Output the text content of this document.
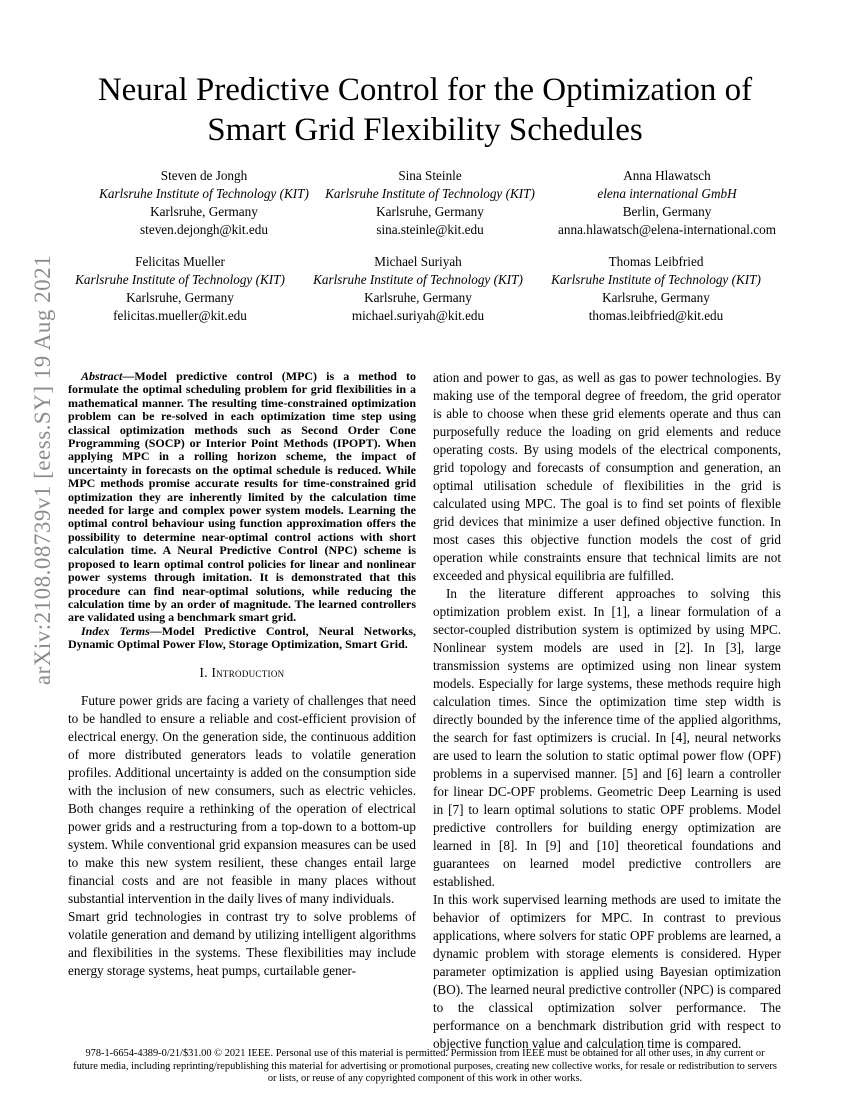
arXiv:2108.08739v1 [eess.SY] 19 Aug 2021
Neural Predictive Control for the Optimization of
Smart Grid Flexibility Schedules
Steven de Jongh
Karlsruhe Institute of Technology (KIT)
Karlsruhe, Germany
steven.dejongh@kit.edu
Sina Steinle
Karlsruhe Institute of Technology (KIT)
Karlsruhe, Germany
sina.steinle@kit.edu
Anna Hlawatsch
elena international GmbH
Berlin, Germany
anna.hlawatsch@elena-international.com
Felicitas Mueller
Karlsruhe Institute of Technology (KIT)
Karlsruhe, Germany
felicitas.mueller@kit.edu
Michael Suriyah
Karlsruhe Institute of Technology (KIT)
Karlsruhe, Germany
michael.suriyah@kit.edu
Thomas Leibfried
Karlsruhe Institute of Technology (KIT)
Karlsruhe, Germany
thomas.leibfried@kit.edu

Abstract—Model predictive control (MPC) is a method to formulate the optimal scheduling problem for grid flexibilities in a mathematical manner. The resulting time-constrained optimization problem can be re-solved in each optimization time step using classical optimization methods such as Second Order Cone Programming (SOCP) or Interior Point Methods (IPOPT). When applying MPC in a rolling horizon scheme, the impact of uncertainty in forecasts on the optimal schedule is reduced. While MPC methods promise accurate results for time-constrained grid optimization they are inherently limited by the calculation time needed for large and complex power system models. Learning the optimal control behaviour using function approximation offers the possibility to determine near-optimal control actions with short calculation time. A Neural Predictive Control (NPC) scheme is proposed to learn optimal control policies for linear and nonlinear power systems through imitation. It is demonstrated that this procedure can find near-optimal solutions, while reducing the calculation time by an order of magnitude. The learned controllers are validated using a benchmark smart grid.

Index Terms—Model Predictive Control, Neural Networks, Dynamic Optimal Power Flow, Storage Optimization, Smart Grid.

I. Introduction

Future power grids are facing a variety of challenges that need to be handled to ensure a reliable and cost-efficient provision of electrical energy. On the generation side, the continuous addition of more distributed generators leads to volatile generation profiles. Additional uncertainty is added on the consumption side with the inclusion of new consumers, such as electric vehicles. Both changes require a rethinking of the operation of electrical power grids and a restructuring from a top-down to a bottom-up system. While conventional grid expansion measures can be used to make this new system resilient, these changes entail large financial costs and are not feasible in many places without substantial intervention in the daily lives of many individuals.

Smart grid technologies in contrast try to solve problems of volatile generation and demand by utilizing intelligent algorithms and flexibilities in the systems. These flexibilities may include energy storage systems, heat pumps, curtailable gener-

ation and power to gas, as well as gas to power technologies. By making use of the temporal degree of freedom, the grid operator is able to choose when these grid elements operate and thus can purposefully reduce the loading on grid elements and reduce operating costs. By using models of the electrical components, grid topology and forecasts of consumption and generation, an optimal utilisation schedule of flexibilities in the grid is calculated using MPC. The goal is to find set points of flexible grid devices that minimize a user defined objective function. In most cases this objective function models the cost of grid operation while constraints ensure that technical limits are not exceeded and physical equilibria are fulfilled.

In the literature different approaches to solving this optimization problem exist. In [1], a linear formulation of a sector-coupled distribution system is optimized by using MPC. Nonlinear system models are used in [2]. In [3], large transmission systems are optimized using non linear system models. Especially for large systems, these methods require high calculation times. Since the optimization time step width is directly bounded by the inference time of the applied algorithms, the search for fast optimizers is crucial. In [4], neural networks are used to learn the solution to static optimal power flow (OPF) problems in a supervised manner. [5] and [6] learn a controller for linear DC-OPF problems. Geometric Deep Learning is used in [7] to learn optimal solutions to static OPF problems. Model predictive controllers for building energy optimization are learned in [8]. In [9] and [10] theoretical foundations and guarantees on learned model predictive controllers are established.

In this work supervised learning methods are used to imitate the behavior of optimizers for MPC. In contrast to previous applications, where solvers for static OPF problems are learned, a dynamic problem with storage elements is considered. Hyper parameter optimization is applied using Bayesian optimization (BO). The learned neural predictive controller (NPC) is compared to the classical optimization solver performance. The performance on a benchmark distribution grid with respect to objective function value and calculation time is compared.

978-1-6654-4389-0/21/$31.00 © 2021 IEEE. Personal use of this material is permitted. Permission from IEEE must be obtained for all other uses, in any current or future media, including reprinting/republishing this material for advertising or promotional purposes, creating new collective works, for resale or redistribution to servers or lists, or reuse of any copyrighted component of this work in other works.
